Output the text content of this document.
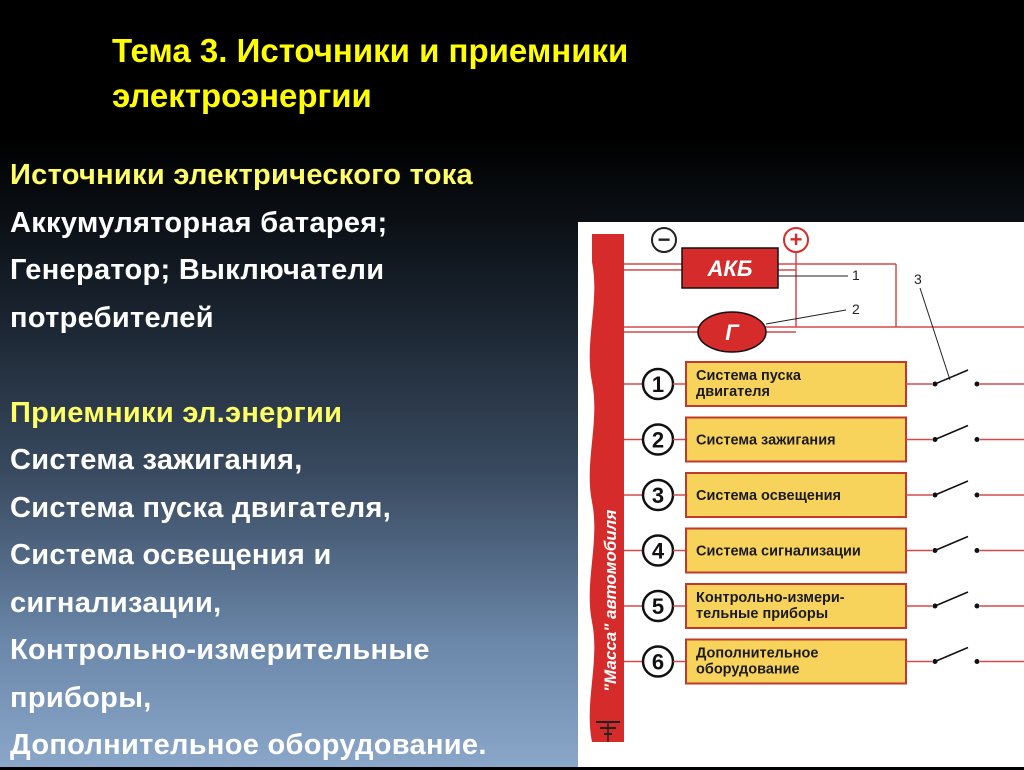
Тема 3. Источники и приемники
электроэнергии
Источники электрического тока
Аккумуляторная батарея;
Генератор; Выключатели
потребителей
Приемники эл.энергии
Система зажигания,
Система пуска двигателя,
Система освещения и
сигнализации,
Контрольно-измерительные
приборы,
Дополнительное оборудование.
"Масса" автомобиля
−	+
АКБ
Г
1
2
3
1 Система пуска
двигателя
2 Система зажигания
3 Система освещения
4 Система сигнализации
5 Контрольно-измери-
тельные приборы
6 Дополнительное
оборудование
